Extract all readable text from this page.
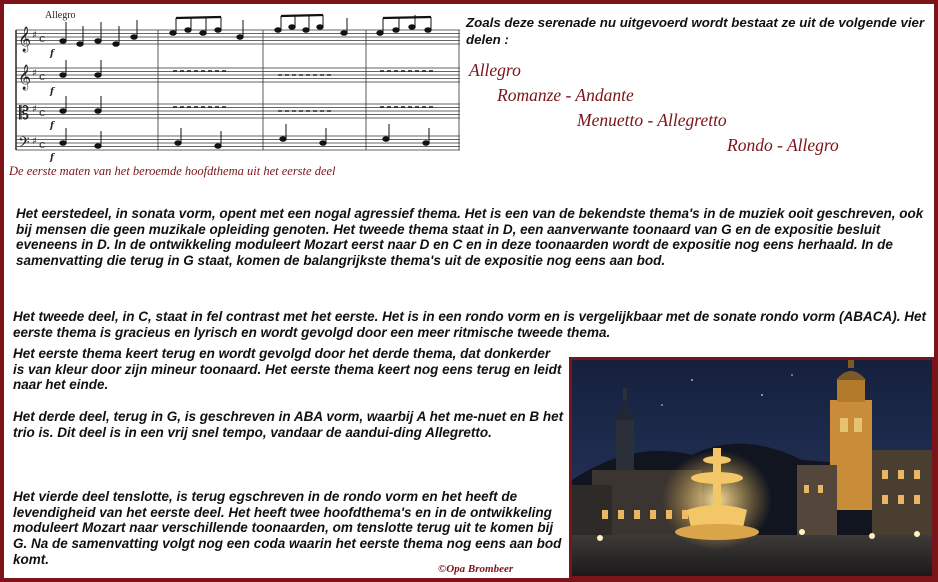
𝄞
𝄞
𝄡
𝄢
♯ c
♯ c
♯ c
♯ c
f
f
f
f
Allegro
De eerste maten van het beroemde hoofdthema uit het eerste deel
Zoals deze serenade nu uitgevoerd wordt bestaat ze uit de volgende vier delen :
Allegro
Romanze - Andante
Menuetto - Allegretto
Rondo - Allegro

Het eerstedeel, in sonata vorm, opent met een nogal agressief thema. Het is een van de bekendste thema's in de muziek ooit geschreven, ook bij mensen die geen muzikale opleiding genoten. Het tweede thema staat in D, een aanverwante toonaard van G en de expositie besluit eveneens in D. In de ontwikkeling moduleert Mozart eerst naar D en C en in deze toonaarden wordt de expositie nog eens herhaald. In de samenvatting die terug in G staat, komen de balangrijkste thema's uit de expositie nog eens aan bod.

Het tweede deel, in C, staat in fel contrast met het eerste. Het is in een rondo vorm en is vergelijkbaar met de sonate rondo vorm (ABACA). Het eerste thema is gracieus en lyrisch en wordt gevolgd door een meer ritmische tweede thema.

Het eerste thema keert terug en wordt gevolgd door het derde thema, dat donkerder is van kleur door zijn mineur toonaard. Het eerste thema keert nog eens terug en leidt naar het einde.

Het derde deel, terug in G, is geschreven in ABA vorm, waarbij A het me-nuet en B het trio is. Dit deel is in een vrij snel tempo, vandaar de aandui-ding Allegretto.

Het vierde deel tenslotte, is terug egschreven in de rondo vorm en het heeft de levendigheid van het eerste deel. Het heeft twee hoofdthema's en in de ontwikkeling moduleert Mozart naar verschillende toonaarden, om tenslotte terug uit te komen bij G. Na de samenvatting volgt nog een coda waarin het eerste thema nog eens aan bod komt.

©Opa Brombeer
